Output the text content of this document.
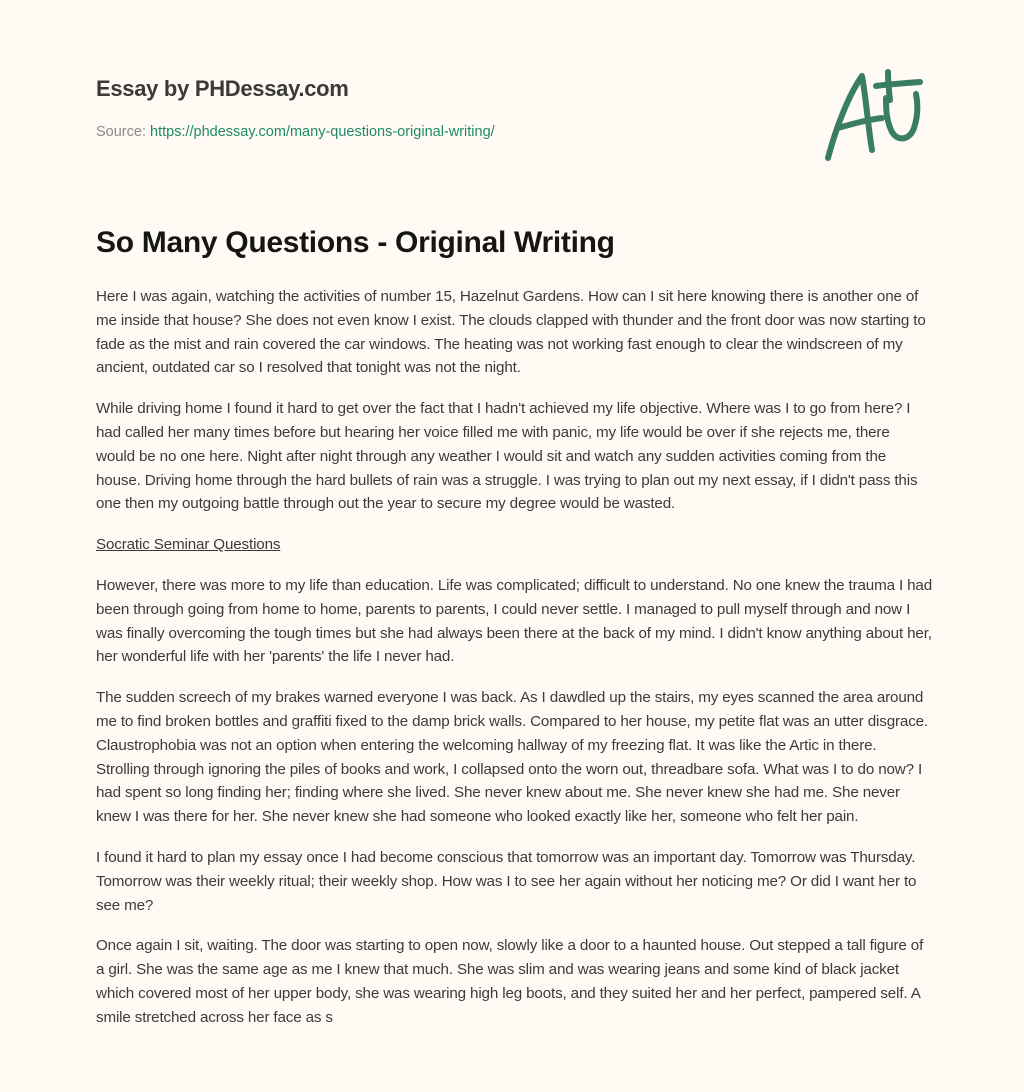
Essay by PHDessay.com
Source: https://phdessay.com/many-questions-original-writing/
So Many Questions - Original Writing

Here I was again, watching the activities of number 15, Hazelnut Gardens. How can I sit here knowing there is another one of me inside that house? She does not even know I exist. The clouds clapped with thunder and the front door was now starting to fade as the mist and rain covered the car windows. The heating was not working fast enough to clear the windscreen of my ancient, outdated car so I resolved that tonight was not the night.

While driving home I found it hard to get over the fact that I hadn't achieved my life objective. Where was I to go from here? I had called her many times before but hearing her voice filled me with panic, my life would be over if she rejects me, there would be no one here. Night after night through any weather I would sit and watch any sudden activities coming from the house. Driving home through the hard bullets of rain was a struggle. I was trying to plan out my next essay, if I didn't pass this one then my outgoing battle through out the year to secure my degree would be wasted.

Socratic Seminar Questions

However, there was more to my life than education. Life was complicated; difficult to understand. No one knew the trauma I had been through going from home to home, parents to parents, I could never settle. I managed to pull myself through and now I was finally overcoming the tough times but she had always been there at the back of my mind. I didn't know anything about her, her wonderful life with her 'parents' the life I never had.

The sudden screech of my brakes warned everyone I was back. As I dawdled up the stairs, my eyes scanned the area around me to find broken bottles and graffiti fixed to the damp brick walls. Compared to her house, my petite flat was an utter disgrace. Claustrophobia was not an option when entering the welcoming hallway of my freezing flat. It was like the Artic in there. Strolling through ignoring the piles of books and work, I collapsed onto the worn out, threadbare sofa. What was I to do now? I had spent so long finding her; finding where she lived. She never knew about me. She never knew she had me. She never knew I was there for her. She never knew she had someone who looked exactly like her, someone who felt her pain.

I found it hard to plan my essay once I had become conscious that tomorrow was an important day. Tomorrow was Thursday. Tomorrow was their weekly ritual; their weekly shop. How was I to see her again without her noticing me? Or did I want her to see me?

Once again I sit, waiting. The door was starting to open now, slowly like a door to a haunted house. Out stepped a tall figure of a girl. She was the same age as me I knew that much. She was slim and was wearing jeans and some kind of black jacket which covered most of her upper body, she was wearing high leg boots, and they suited her and her perfect, pampered self. A smile stretched across her face as s
